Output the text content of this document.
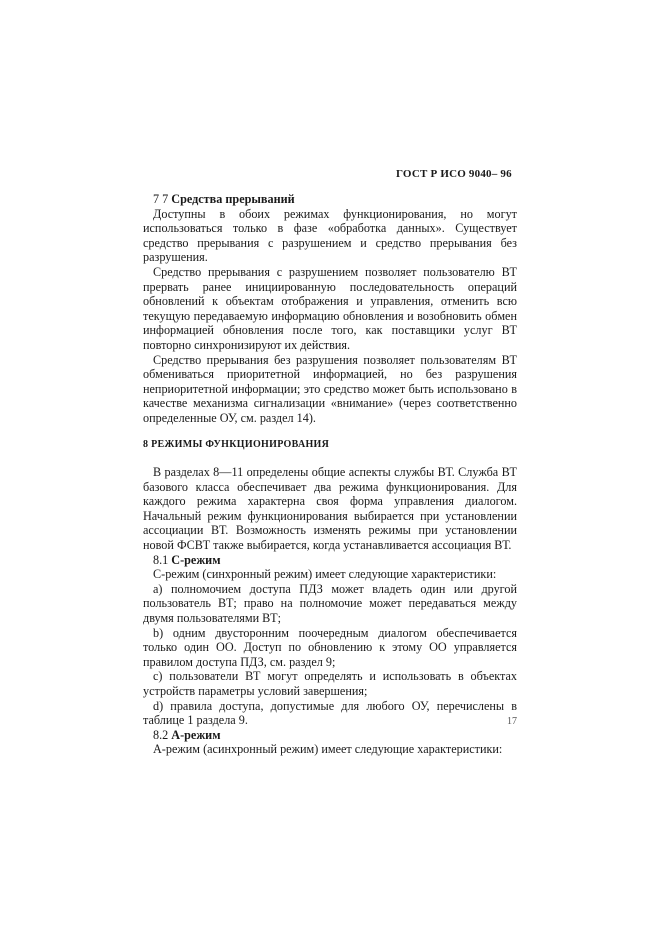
ГОСТ Р ИСО 9040– 96
7 7 Средства прерываний

Доступны в обоих режимах функционирования, но могут использоваться только в фазе «обработка данных». Существует средство прерывания с разрушением и средство прерывания без разрушения.

Средство прерывания с разрушением позволяет пользователю ВТ прервать ранее инициированную последовательность операций обновлений к объектам отображения и управления, отменить всю текущую передаваемую информацию обновления и возобновить обмен информацией обновления после того, как поставщики услуг ВТ повторно синхронизируют их действия.

Средство прерывания без разрушения позволяет пользователям ВТ обмениваться приоритетной информацией, но без разрушения неприоритетной информации; это средство может быть использовано в качестве механизма сигнализации «внимание» (через соответственно определенные ОУ, см. раздел 14).

8 РЕЖИМЫ ФУНКЦИОНИРОВАНИЯ

В разделах 8—11 определены общие аспекты службы ВТ. Служба ВТ базового класса обеспечивает два режима функционирования. Для каждого режима характерна своя форма управления диалогом. Начальный режим функционирования выбирается при установлении ассоциации ВТ. Возможность изменять режимы при установлении новой ФСВТ также выбирается, когда устанавливается ассоциация ВТ.

8.1 С-режим

С-режим (синхронный режим) имеет следующие характеристики:

а) полномочием доступа ПДЗ может владеть один или другой пользователь ВТ; право на полномочие может передаваться между двумя пользователями ВТ;

b) одним двусторонним поочередным диалогом обеспечивается только один ОО. Доступ по обновлению к этому ОО управляется правилом доступа ПДЗ, см. раздел 9;

c) пользователи ВТ могут определять и использовать в объектах устройств параметры условий завершения;

d) правила доступа, допустимые для любого ОУ, перечислены в таблице 1 раздела 9.

8.2 А-режим

А-режим (асинхронный режим) имеет следующие характеристики:

17
